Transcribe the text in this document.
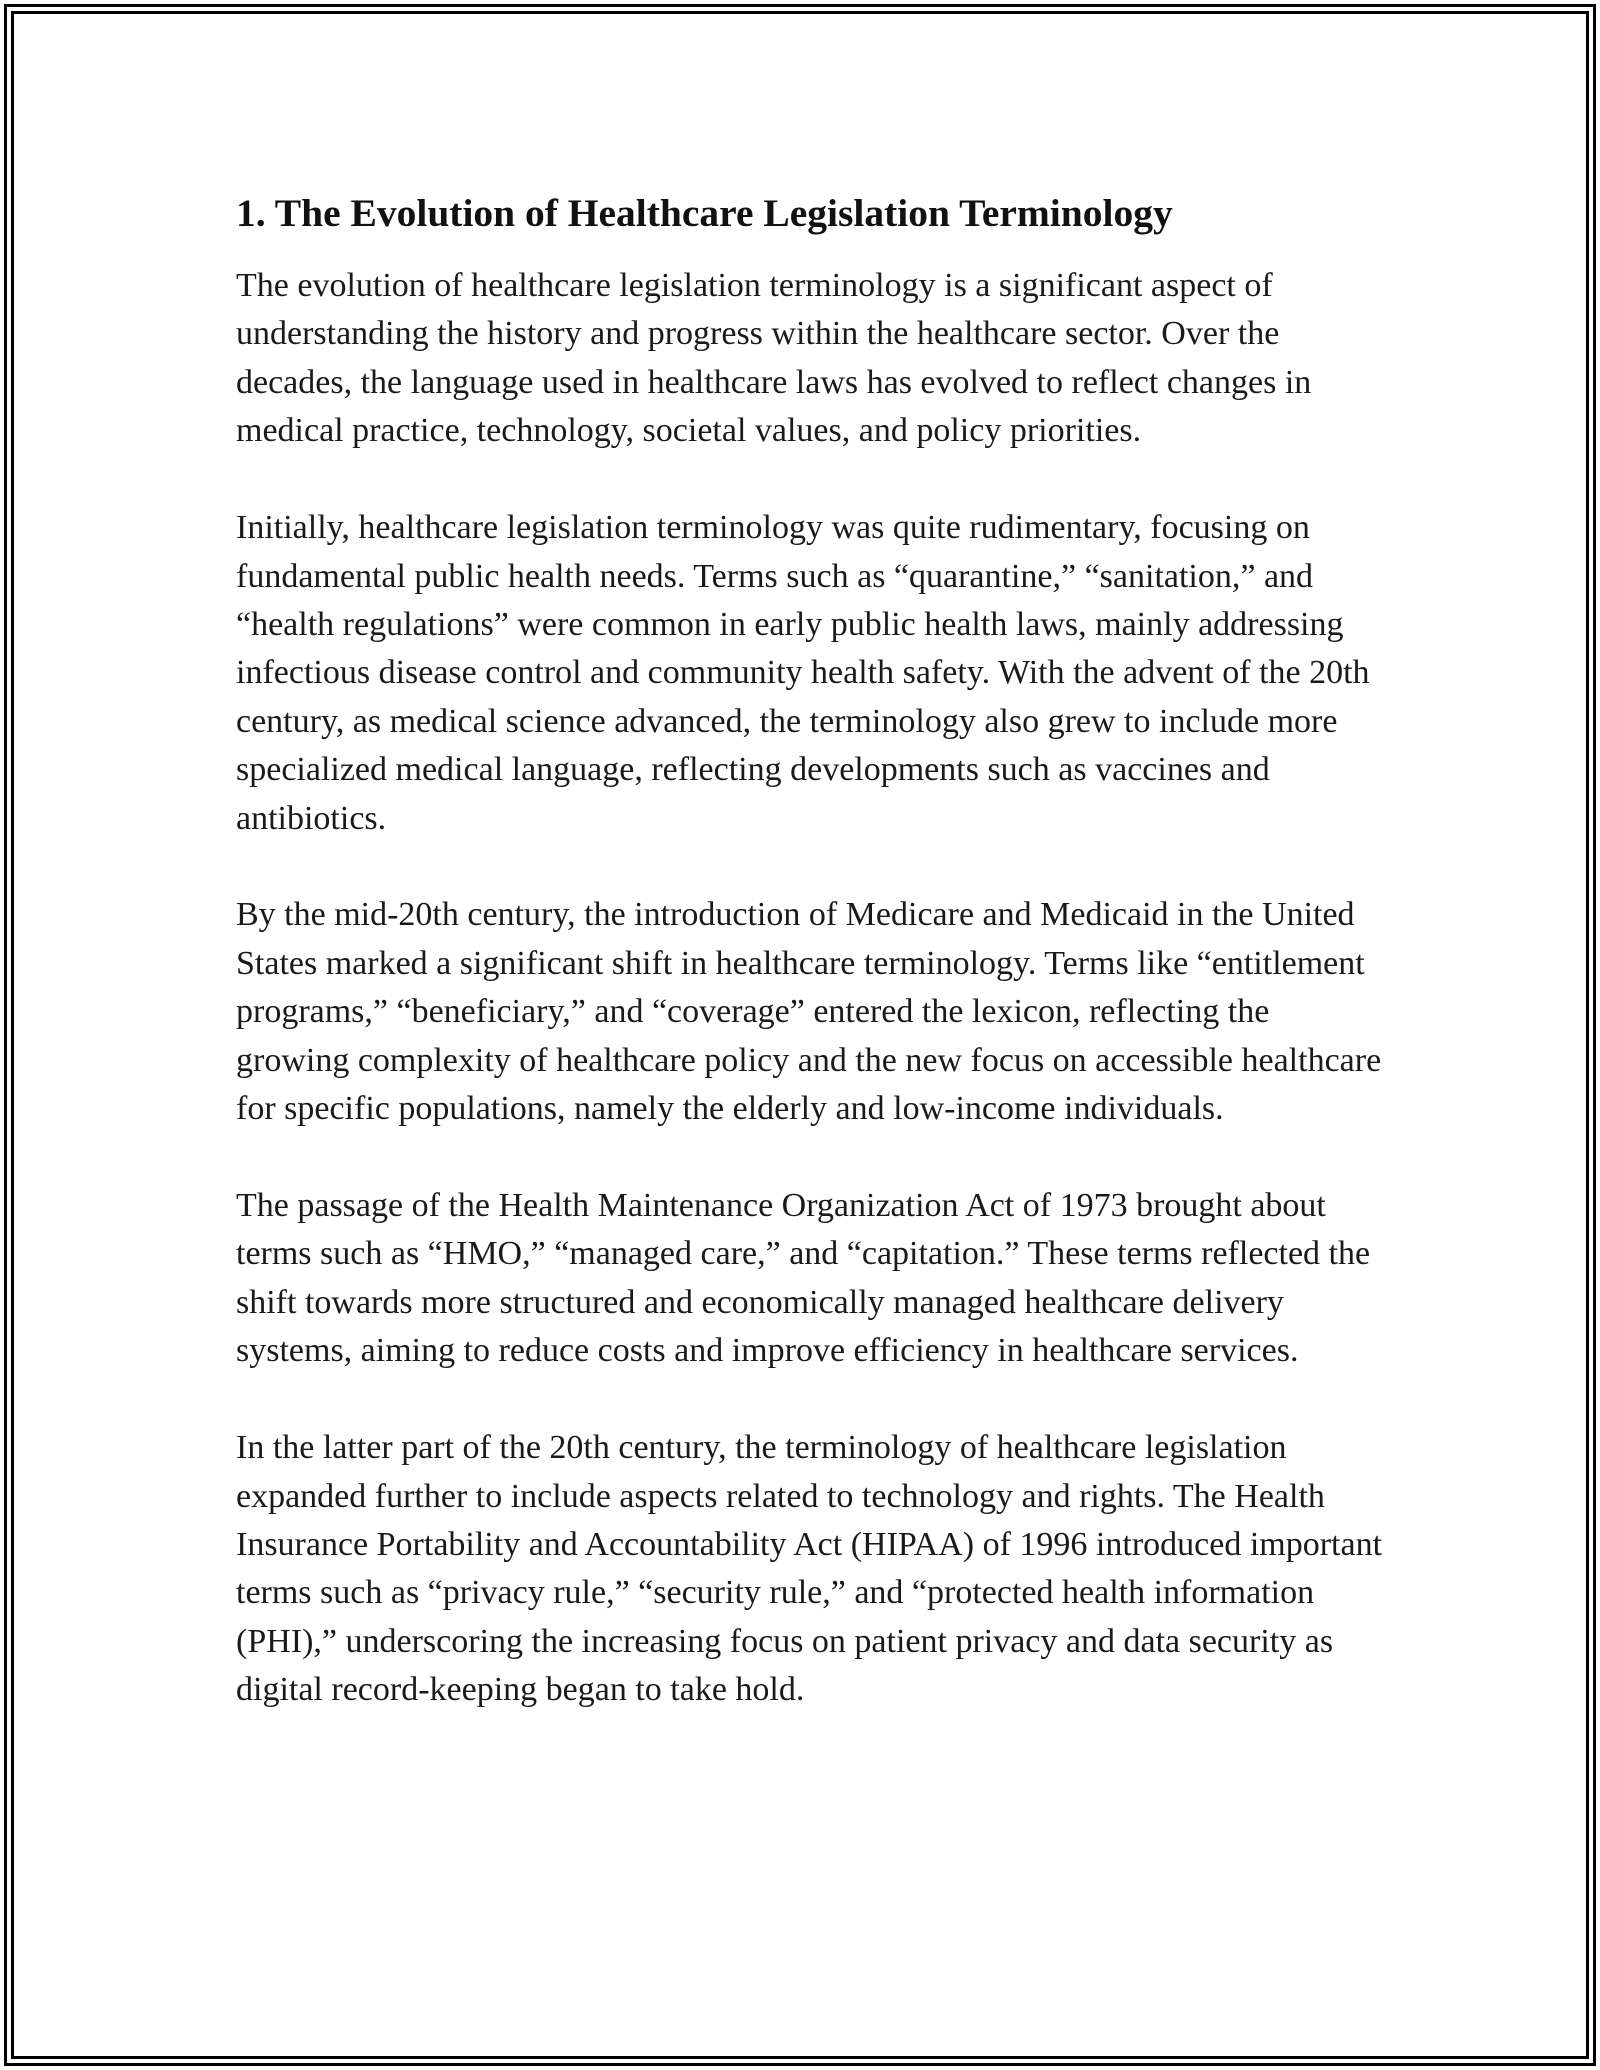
1. The Evolution of Healthcare Legislation Terminology

The evolution of healthcare legislation terminology is a significant aspect of understanding the history and progress within the healthcare sector. Over the decades, the language used in healthcare laws has evolved to reflect changes in medical practice, technology, societal values, and policy priorities.

Initially, healthcare legislation terminology was quite rudimentary, focusing on fundamental public health needs. Terms such as “quarantine,” “sanitation,” and “health regulations” were common in early public health laws, mainly addressing infectious disease control and community health safety. With the advent of the 20th century, as medical science advanced, the terminology also grew to include more specialized medical language, reflecting developments such as vaccines and antibiotics.

By the mid-20th century, the introduction of Medicare and Medicaid in the United States marked a significant shift in healthcare terminology. Terms like “entitlement programs,” “beneficiary,” and “coverage” entered the lexicon, reflecting the growing complexity of healthcare policy and the new focus on accessible healthcare for specific populations, namely the elderly and low-income individuals.

The passage of the Health Maintenance Organization Act of 1973 brought about terms such as “HMO,” “managed care,” and “capitation.” These terms reflected the shift towards more structured and economically managed healthcare delivery systems, aiming to reduce costs and improve efficiency in healthcare services.

In the latter part of the 20th century, the terminology of healthcare legislation expanded further to include aspects related to technology and rights. The Health Insurance Portability and Accountability Act (HIPAA) of 1996 introduced important terms such as “privacy rule,” “security rule,” and “protected health information (PHI),” underscoring the increasing focus on patient privacy and data security as digital record-keeping began to take hold.
